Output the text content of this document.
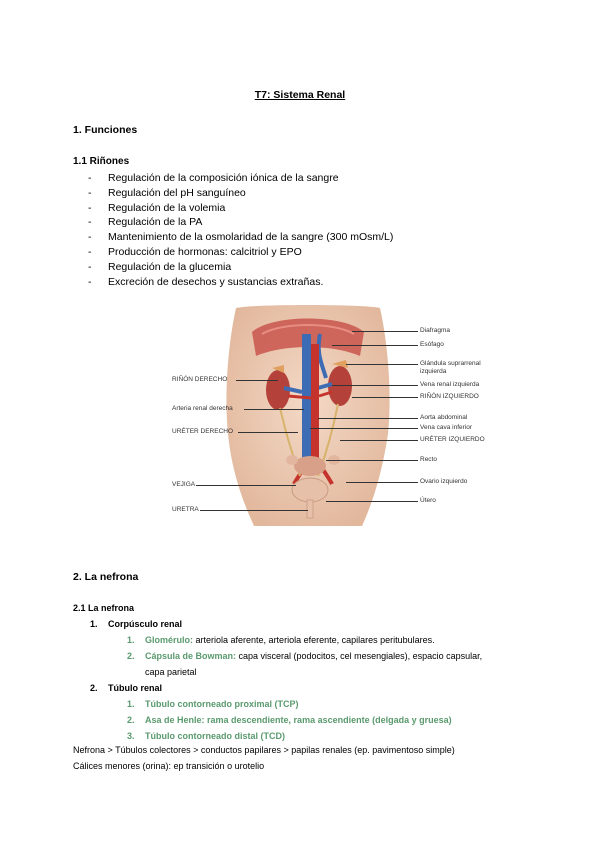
T7: Sistema Renal
1. Funciones
1.1 Riñones
- Regulación de la composición iónica de la sangre
- Regulación del pH sanguíneo
- Regulación de la volemia
- Regulación de la PA
- Mantenimiento de la osmolaridad de la sangre (300 mOsm/L)
- Producción de hormonas: calcitriol y EPO
- Regulación de la glucemia
- Excreción de desechos y sustancias extrañas.
RIÑÓN DERECHO
Arteria renal derecha
URÉTER DERECHO
VEJIGA
URETRA
Diafragma
Esófago
Glándula suprarrenal
izquierda
Vena renal izquierda
RIÑÓN IZQUIERDO
Aorta abdominal
Vena cava inferior
URÉTER IZQUIERDO
Recto
Ovario izquierdo
Útero
2. La nefrona
2.1 La nefrona
1. Corpúsculo renal
1. Glomérulo: arteriola aferente, arteriola eferente, capilares peritubulares.
2. Cápsula de Bowman: capa visceral (podocitos, cel mesengiales), espacio capsular,
capa parietal
2. Túbulo renal
1. Túbulo contorneado proximal (TCP)
2. Asa de Henle: rama descendiente, rama ascendiente (delgada y gruesa)
3. Túbulo contorneado distal (TCD)
Nefrona > Túbulos colectores > conductos papilares > papilas renales (ep. pavimentoso simple)
Cálices menores (orina): ep transición o urotelio
